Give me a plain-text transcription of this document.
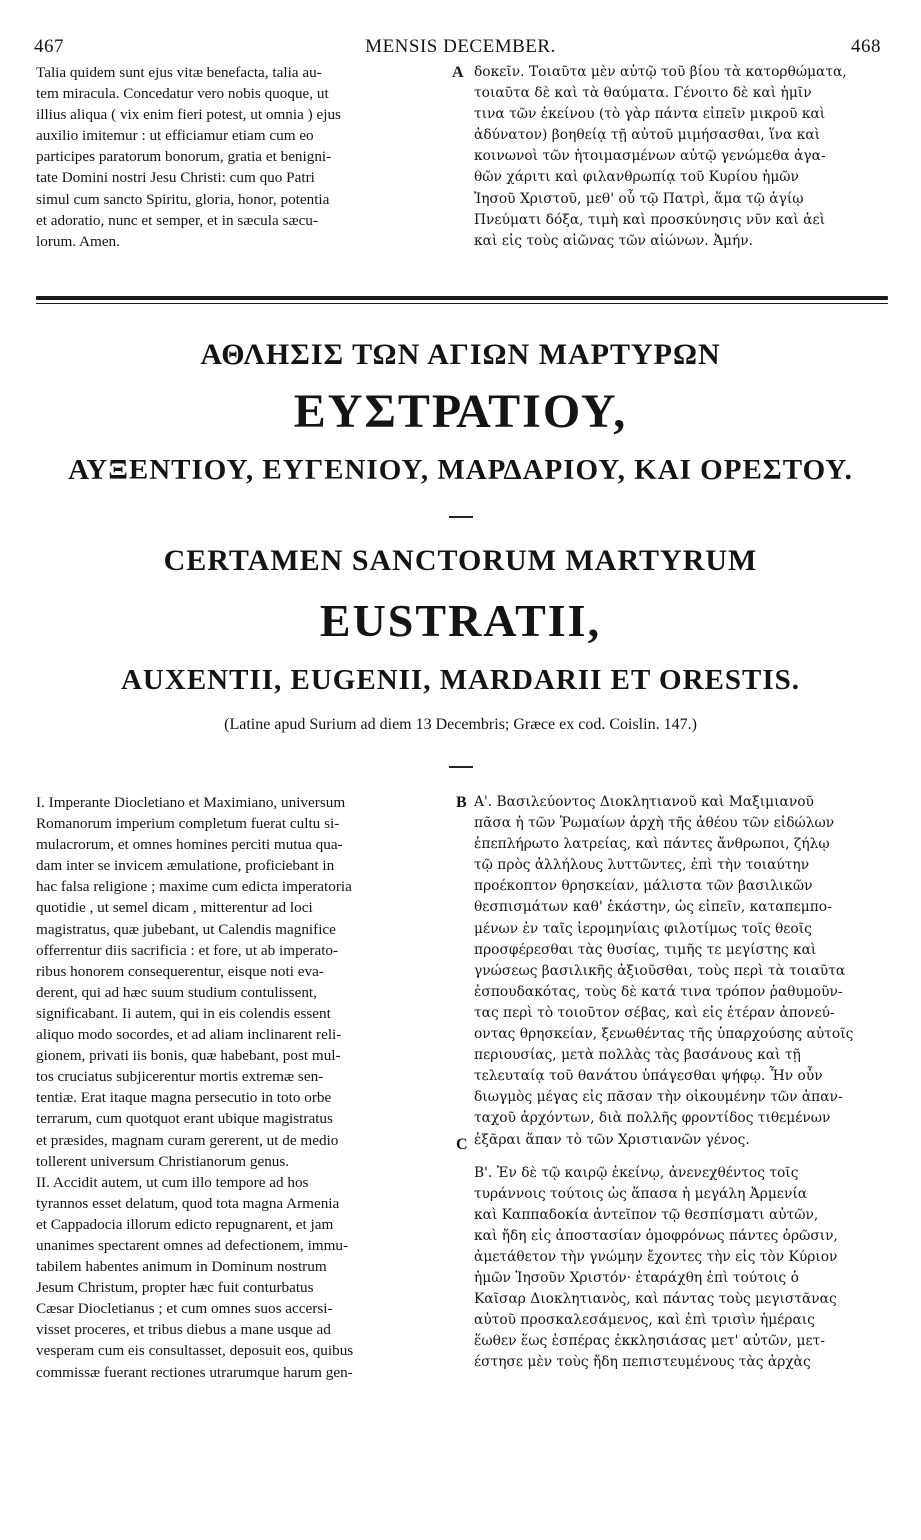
467	MENSIS DECEMBER.	468

Talia quidem sunt ejus vitæ benefacta, talia au-

tem miracula. Concedatur vero nobis quoque, ut

illius aliqua ( vix enim fieri potest, ut omnia ) ejus

auxilio imitemur : ut efficiamur etiam cum eo

participes paratorum bonorum, gratia et benigni-

tate Domini nostri Jesu Christi: cum quo Patri

simul cum sancto Spiritu, gloria, honor, potentia

et adoratio, nunc et semper, et in sæcula sæcu-

lorum. Amen.

A δοκεῖν. Τοιαῦτα μὲν αὐτῷ τοῦ βίου τὰ κατορθώματα,

τοιαῦτα δὲ καὶ τὰ θαύματα. Γένοιτο δὲ καὶ ἡμῖν

τινα τῶν ἐκείνου (τὸ γὰρ πάντα εἰπεῖν μικροῦ καὶ

ἀδύνατον) βοηθείᾳ τῇ αὐτοῦ μιμήσασθαι, ἵνα καὶ

κοινωνοὶ τῶν ἡτοιμασμένων αὐτῷ γενώμεθα ἀγα-

θῶν χάριτι καὶ φιλανθρωπίᾳ τοῦ Κυρίου ἡμῶν

Ἰησοῦ Χριστοῦ, μεθ' οὗ τῷ Πατρὶ, ἅμα τῷ ἁγίῳ

Πνεύματι δόξα, τιμὴ καὶ προσκύνησις νῦν καὶ ἀεὶ

καὶ εἰς τοὺς αἰῶνας τῶν αἰώνων. Ἀμήν.

ΑΘΛΗΣΙΣ ΤΩΝ ΑΓΙΩΝ ΜΑΡΤΥΡΩΝ
ΕΥΣΤΡΑΤΙΟΥ,
ΑΥΞΕΝΤΙΟΥ, ΕΥΓΕΝΙΟΥ, ΜΑΡΔΑΡΙΟΥ, ΚΑΙ ΟΡΕΣΤΟΥ.
CERTAMEN SANCTORUM MARTYRUM
EUSTRATII,
AUXENTII, EUGENII, MARDARII ET ORESTIS.
(Latine apud Surium ad diem 13 Decembris; Græce ex cod. Coislin. 147.)

I. Imperante Diocletiano et Maximiano, universum

Romanorum imperium completum fuerat cultu si-

mulacrorum, et omnes homines perciti mutua qua-

dam inter se invicem æmulatione, proficiebant in

hac falsa religione ; maxime cum edicta imperatoria

quotidie , ut semel dicam , mitterentur ad loci

magistratus, quæ jubebant, ut Calendis magnifice

offerrentur diis sacrificia : et fore, ut ab imperato-

ribus honorem consequerentur, eisque noti eva-

derent, qui ad hæc suum studium contulissent,

significabant. Ii autem, qui in eis colendis essent

aliquo modo socordes, et ad aliam inclinarent reli-

gionem, privati iis bonis, quæ habebant, post mul-

tos cruciatus subjicerentur mortis extremæ sen-

tentiæ. Erat itaque magna persecutio in toto orbe

terrarum, cum quotquot erant ubique magistratus

et præsides, magnam curam gererent, ut de medio

tollerent universum Christianorum genus.

II. Accidit autem, ut cum illo tempore ad hos

tyrannos esset delatum, quod tota magna Armenia

et Cappadocia illorum edicto repugnarent, et jam

unanimes spectarent omnes ad defectionem, immu-

tabilem habentes animum in Dominum nostrum

Jesum Christum, propter hæc fuit conturbatus

Cæsar Diocletianus ; et cum omnes suos accersi-

visset proceres, et tribus diebus a mane usque ad

vesperam cum eis consultasset, deposuit eos, quibus

commissæ fuerant rectiones utrarumque harum gen-

B
C

Α'. Βασιλεύοντος Διοκλητιανοῦ καὶ Μαξιμιανοῦ

πᾶσα ἡ τῶν Ῥωμαίων ἀρχὴ τῆς ἀθέου τῶν εἰδώλων

ἐπεπλήρωτο λατρείας, καὶ πάντες ἄνθρωποι, ζήλῳ

τῷ πρὸς ἀλλήλους λυττῶντες, ἐπὶ τὴν τοιαύτην

προέκοπτον θρησκείαν, μάλιστα τῶν βασιλικῶν

θεσπισμάτων καθ' ἑκάστην, ὡς εἰπεῖν, καταπεμπο-

μένων ἐν ταῖς ἱερομηνίαις φιλοτίμως τοῖς θεοῖς

προσφέρεσθαι τὰς θυσίας, τιμῆς τε μεγίστης καὶ

γνώσεως βασιλικῆς ἀξιοῦσθαι, τοὺς περὶ τὰ τοιαῦτα

ἐσπουδακότας, τοὺς δὲ κατά τινα τρόπον ῥαθυμοῦν-

τας περὶ τὸ τοιοῦτον σέβας, καὶ εἰς ἑτέραν ἀπονεύ-

οντας θρησκείαν, ξενωθέντας τῆς ὑπαρχούσης αὐτοῖς

περιουσίας, μετὰ πολλὰς τὰς βασάνους καὶ τῇ

τελευταίᾳ τοῦ θανάτου ὑπάγεσθαι ψήφῳ. Ἦν οὖν

διωγμὸς μέγας εἰς πᾶσαν τὴν οἰκουμένην τῶν ἁπαν-

ταχοῦ ἀρχόντων, διὰ πολλῆς φροντίδος τιθεμένων

ἐξᾶραι ἅπαν τὸ τῶν Χριστιανῶν γένος.

Β'. Ἐν δὲ τῷ καιρῷ ἐκείνῳ, ἀνενεχθέντος τοῖς

τυράννοις τούτοις ὡς ἅπασα ἡ μεγάλη Ἀρμενία

καὶ Καππαδοκία ἀντεῖπον τῷ θεσπίσματι αὐτῶν,

καὶ ἤδη εἰς ἀποστασίαν ὁμοφρόνως πάντες ὁρῶσιν,

ἀμετάθετον τὴν γνώμην ἔχοντες τὴν εἰς τὸν Κύριον

ἡμῶν Ἰησοῦν Χριστόν· ἐταράχθη ἐπὶ τούτοις ὁ

Καῖσαρ Διοκλητιανὸς, καὶ πάντας τοὺς μεγιστᾶνας

αὐτοῦ προσκαλεσάμενος, καὶ ἐπὶ τρισὶν ἡμέραις

ἕωθεν ἕως ἑσπέρας ἐκκλησιάσας μετ' αὐτῶν, μετ-

έστησε μὲν τοὺς ἤδη πεπιστευμένους τὰς ἀρχὰς
